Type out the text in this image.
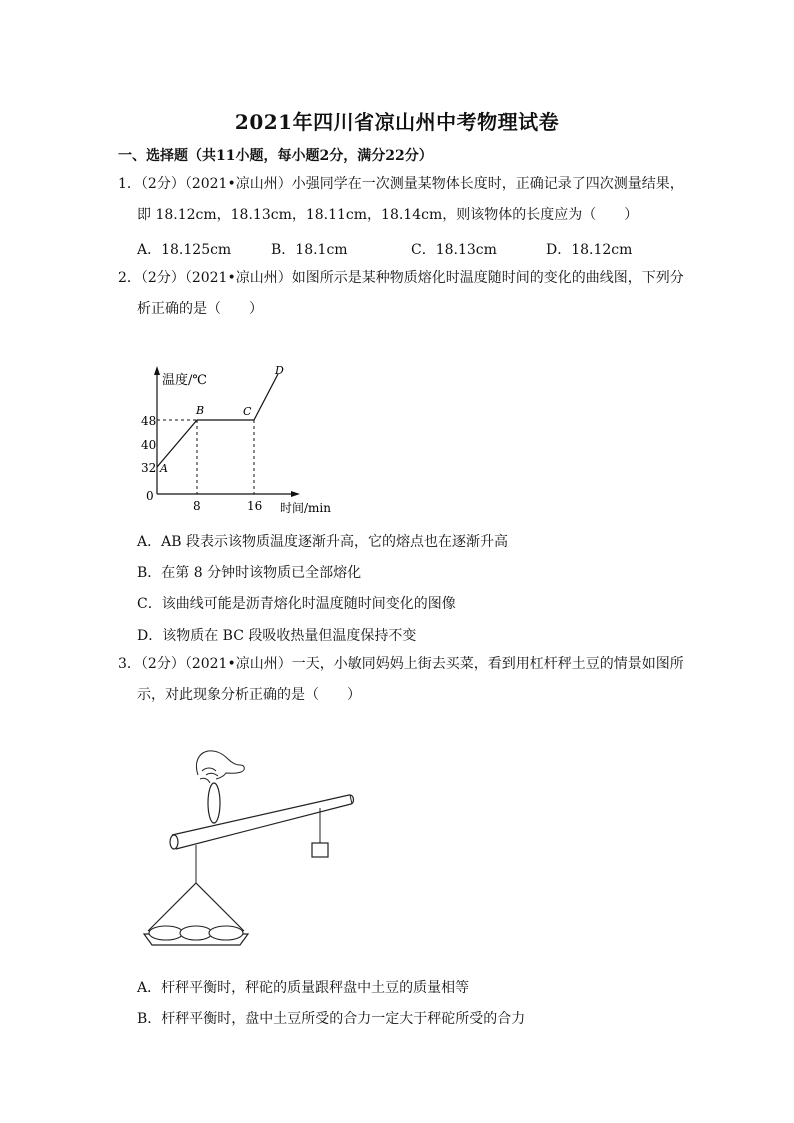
2021年四川省凉山州中考物理试卷
一、选择题（共11小题，每小题2分，满分22分）
1．（2分）（2021•凉山州）小强同学在一次测量某物体长度时，正确记录了四次测量结果，
即 18.12cm，18.13cm，18.11cm，18.14cm，则该物体的长度应为（　　）
A．18.125cm	B．18.1cm	C．18.13cm	D．18.12cm
2．（2分）（2021•凉山州）如图所示是某种物质熔化时温度随时间的变化的曲线图，下列分
析正确的是（　　）
温度/℃
时间/min
0
48
40
32
8	16
A
B	C
D
A．AB 段表示该物质温度逐渐升高，它的熔点也在逐渐升高
B．在第 8 分钟时该物质已全部熔化
C．该曲线可能是沥青熔化时温度随时间变化的图像
D．该物质在 BC 段吸收热量但温度保持不变
3．（2分）（2021•凉山州）一天，小敏同妈妈上街去买菜，看到用杠杆秤土豆的情景如图所
示，对此现象分析正确的是（　　）
A．杆秤平衡时，秤砣的质量跟秤盘中土豆的质量相等
B．杆秤平衡时，盘中土豆所受的合力一定大于秤砣所受的合力
